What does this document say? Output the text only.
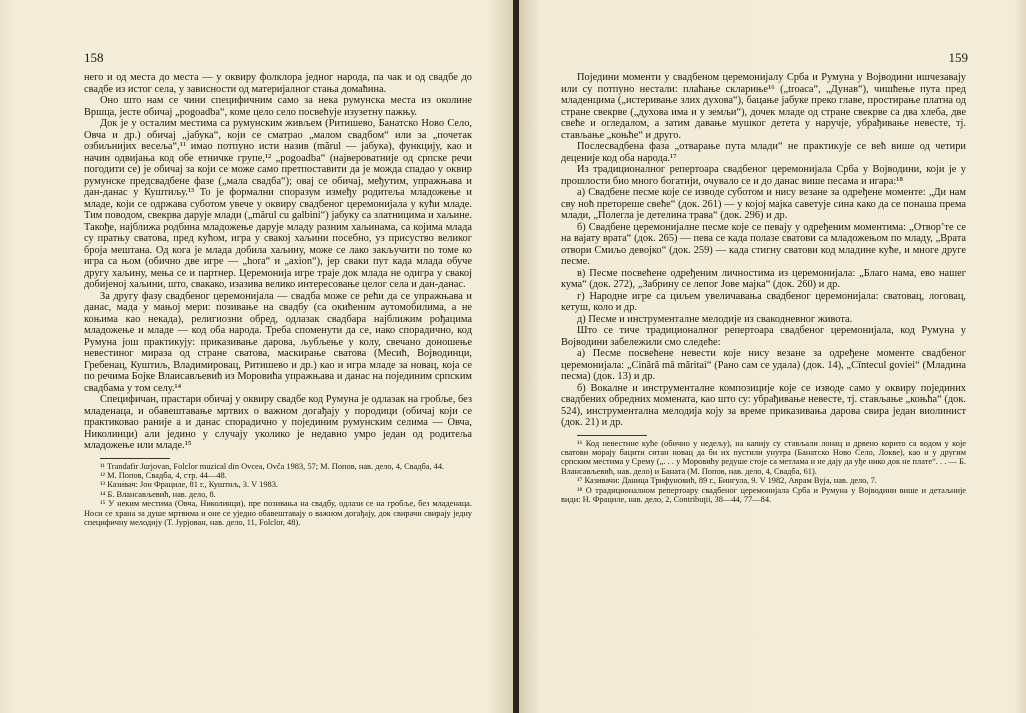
158

него и од места до места — у оквиру фолклора једног народа, па чак и од свадбе до свадбе из истог села, у зависности од материјалног стања домаћина.

Оно што нам се чини специфичним само за нека румунска места из околине Вршца, јесте обичај „pogoadba“, коме цело село посвећује изузетну пажњу.

Док је у осталим местима са румунским живљем (Ритишево, Банатско Ново Село, Овча и др.) обичај „јабука“, који се сматрао „малом свадбом“ или за „почетак озбиљнијих весеља“,¹¹ имао потпуно исти назив (mărul — јабука), функцију, као и начин одвијања код обе етничке групе,¹² „pogoadba“ (највероватније од српске речи погодити се) је обичај за који се може само претпоставити да је можда спадао у оквир румунске предсвадбене фазе („мала свадба“); овај се обичај, међутим, упражњава и дан-данас у Куштиљу.¹³ То је формални споразум између родитеља младожење и младе, који се одржава суботом увече у оквиру свадбеног церемонијала у кући младе. Тим поводом, свекрва дарује млади („mărul cu galbini“) јабуку са златницима и хаљине. Такође, најближа родбина младожење дарује младу разним хаљинама, са којима млада су пратњу сватова, пред кућом, игра у свакој хаљини посебно, уз присуство великог броја мештана. Од кога је млада добила хаљину, може се лако закључити по томе ко игра са њом (обично две игре — „hora“ и „axion“), јер сваки пут када млада обуче другу хаљину, мења се и партнер. Церемонија игре траје док млада не одигра у свакој добијеној хаљини, што, свакако, изазива велико интересовање целог села и дан-данас.

За другу фазу свадбеног церемонијала — свадба може се рећи да се упражњава и данас, мада у мањој мери: позивање на свадбу (са окићеним аутомобилима, а не коњима као некада), религиозни обред, одлазак свадбара најближим рођацима младожење и младе — код оба народа. Треба споменути да се, иако спорадично, код Румуна још практикују: приказивање дарова, љубљење у колу, свечано доношење невестиног мираза од стране сватова, маскирање сватова (Месић, Војводинци, Гребенац, Куштиљ, Владимировац, Ритишево и др.) као и игра младе за новац, која се по речима Бојке Влаисављевић из Моровића упражњава и данас на појединим српским свадбама у том селу.¹⁴

Специфичан, прастари обичај у оквиру свадбе код Румуна је одлазак на гробље, без младенаца, и обавештавање мртвих о важном догађају у породици (обичај који се практиковао раније а и данас спорадично у појединим румунским селима — Овча, Николинци) али једино у случају уколико је недавно умро један од родитеља младожење или младе.¹⁵

¹¹ Trandafir Jurjovan, Folclor muzical din Ovcea, Ovča 1983, 57; М. Попов, нав. дело, 4, Свадба, 44.

¹² М. Попов, Свадба, 4, стр. 44—48.

¹³ Казивач: Јон Фрацилe, 81 г., Куштиљ, 3. V 1983.

¹⁴ Б. Влансављевић, нав. дело, 8.

¹⁵ У неким местима (Овча, Николинци), пре позивања на свадбу, одлази се на гробље, без младенаца. Носи се храна за душе мртвима и оне се уједно обавештавају о важном догађају, док свирачи свирају једну специфичну мелодију (Т. Јурјован, нав. дело, 11, Folclor, 48).

159

Поједини моменти у свадбеном церемонијалу Срба и Румуна у Војводини ишчезавају или су потпуно нестали: плаћање склариње¹⁶ („troaca“, „Дунав“), чишћење пута пред младенцима („истеривање злих духова“), бацање јабуке преко главе, простирање платна од стране свекрве („духова има и у земљи“), дочек младе од стране свекрве са два хлеба, две свеће и огледалом, а затим давање мушког детета у наручје, убрађивање невесте, тј. стављање „коњће“ и друго.

Послесвадбена фаза „отварање пута млади“ не практикује се већ више од четири деценије код оба народа.¹⁷

Из традиционалног репертоара свадбеног церемонијала Срба у Војводини, који је у прошлости био много богатији, очувало се и до данас више песама и игара:¹⁸

а) Свадбене песме које се изводе суботом и нису везане за одређене моменте: „Ди нам сву ноћ претореше свеће“ (док. 261) — у којој мајка саветује сина како да се понаша према млади, „Полегла је детелина трава“ (док. 296) и др.

б) Свадбене церемонијалне песме које се певају у одређеним моментима: „Отвор’те се на вајату врата“ (док. 265) — пева се када полазе сватови са младожењом по младу, „Врата отвори Смиљо девојко“ (док. 259) — када стигну сватови код младине куће, и многе друге песме.

в) Песме посвећене одређеним личностима из церемонијала: „Благо нама, ево нашег кума“ (док. 272), „Забрину се лепог Јове мајка“ (док. 260) и др.

г) Народне игре са циљем увеличавања свадбеног церемонијала: сватовац, логовац, кетуш, коло и др.

д) Песме и инструменталне мелодије из свакодневног живота.

Што се тиче традиционалног репертоара свадбеног церемонијала, код Румуна у Војводини забележили смо следеће:

а) Песме посвећене невести које нису везане за одређене моменте свадбеног церемонијала: „Cinără mă măritai“ (Рано сам се удала) (док. 14), „Cîntecul goviei“ (Младина песма) (док. 13) и др.

б) Вокалне и инструменталне композиције које се изводе само у оквиру појединих свадбених обредних момената, као што су: убрађивање невесте, тј. стављање „коњћа“ (док. 524), инструментална мелодија коју за време приказивања дарова свира један виолинист (док. 21) и др.

¹⁶ Код невестине куће (обично у недељу), на капију су стављали лонац и дрвено корито са водом у које сватови морају бацити ситан новац да би их пустили унутра (Банатско Ново Село, Локве), као и у другим српским местима у Срему („. . . у Моровићу редуше стоје са метлама и не дају да уђе нико док не плате“. . . — Б. Влансављевић, нав. дело) и Баната (М. Попов, нав. дело, 4, Свадба, 61).

¹⁷ Казивачи: Даница Трифуновић, 89 г., Бингула, 9. V 1982, Аврам Вуја, нав. дело, 7.

¹⁸ О традиционалном репертоару свадбеног церемонијала Срба и Румуна у Војводини више и детаљније види: Н. Фрациле, нав. дело, 2, Contribuţii, 38—44, 77—84.
